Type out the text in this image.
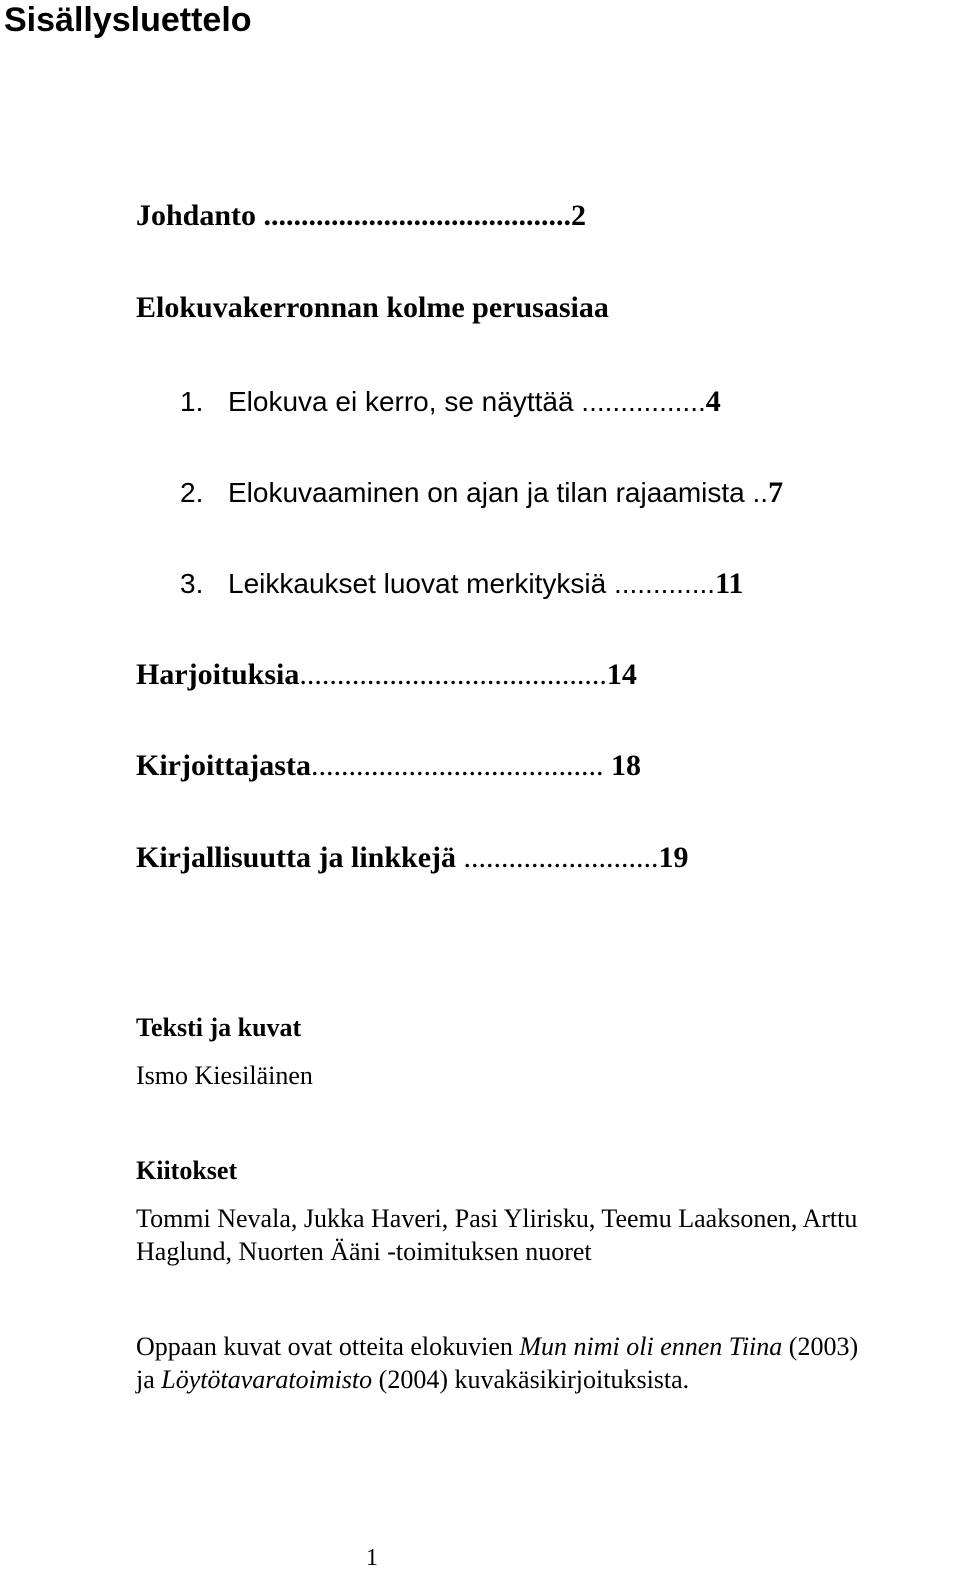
Sisällysluettelo
Johdanto .........................................2
Elokuvakerronnan kolme perusasiaa
1. Elokuva ei kerro, se näyttää ................4
2. Elokuvaaminen on ajan ja tilan rajaamista ..7
3. Leikkaukset luovat merkityksiä .............11
Harjoituksia.........................................14
Kirjoittajasta....................................... 18
Kirjallisuutta ja linkkejä ..........................19
Teksti ja kuvat
Ismo Kiesiläinen
Kiitokset
Tommi Nevala, Jukka Haveri, Pasi Ylirisku, Teemu Laaksonen, Arttu
Haglund, Nuorten Ääni -toimituksen nuoret
Oppaan kuvat ovat otteita elokuvien Mun nimi oli ennen Tiina (2003)
ja Löytötavaratoimisto (2004) kuvakäsikirjoituksista.
1
